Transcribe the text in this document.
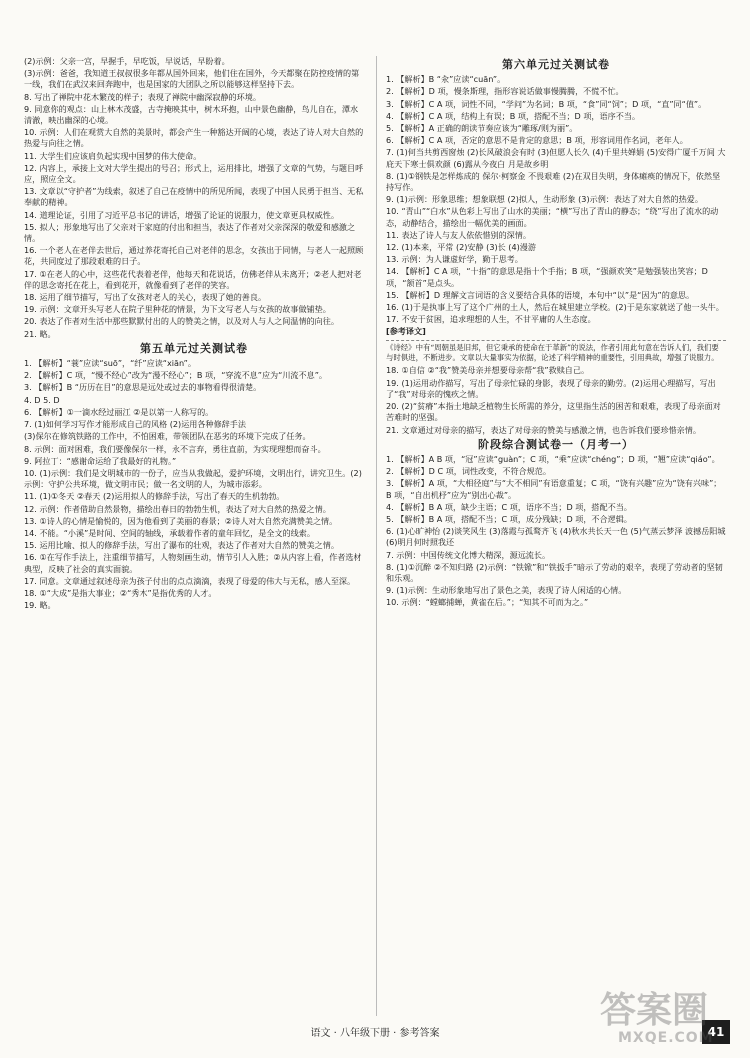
(2)示例：父亲一宫，早握手，早吃饭，早说话，早盼着。

(3)示例：爸爸，我知道王叔叔很多年都从国外回来，他们住在国外，今天都聚在防控疫情的第一线，我们在武汉来回奔跑中，也是国家的大团队之所以能够这样坚持下去。

8. 写出了禅院中花木繁茂的样子；表现了禅院中幽深寂静的环境。

9. 同意你的观点：山上林木茂盛，古寺掩映其中，树木环抱，山中景色幽静，鸟儿自在，潭水清澈，映出幽深的心境。

10. 示例：人们在观赏大自然的美景时，都会产生一种豁达开阔的心境，表达了诗人对大自然的热爱与向往之情。

11. 大学生们应该肩负起实现中国梦的伟大使命。

12. 内容上，承接上文对大学生提出的号召；形式上，运用排比，增强了文章的气势，与题目呼应，照应全文。

13. 文章以“守护者”为线索，叙述了自己在疫情中的所见所闻，表现了中国人民勇于担当、无私奉献的精神。

14. 道理论证，引用了习近平总书记的讲话，增强了论证的说服力，使文章更具权威性。

15. 拟人；形象地写出了父亲对于家庭的付出和担当，表达了作者对父亲深深的敬爱和感激之情。

16. 一个老人在老伴去世后，通过养花寄托自己对老伴的思念，女孩出于同情，与老人一起照顾花，共同度过了那段艰难的日子。

17. ①在老人的心中，这些花代表着老伴，他每天和花说话，仿佛老伴从未离开；②老人把对老伴的思念寄托在花上，看到花开，就像看到了老伴的笑容。

18. 运用了细节描写，写出了女孩对老人的关心，表现了她的善良。

19. 示例：文章开头写老人在院子里种花的情景，为下文写老人与女孩的故事做铺垫。

20. 表达了作者对生活中那些默默付出的人的赞美之情，以及对人与人之间温情的向往。

21. 略。

第五单元过关测试卷

1. 【解析】“蓑”应读“suō”，“纤”应读“xiān”。

2. 【解析】C 项，“慢不经心”改为“漫不经心”；B 项，“穿流不息”应为“川流不息”。

3. 【解析】B “历历在目”的意思是远处或过去的事物看得很清楚。

4. D 5. D

6. 【解析】①一滴水经过丽江 ②是以第一人称写的。

7. (1)如何学习写作才能形成自己的风格 (2)运用各种修辞手法

(3)保尔在修筑铁路的工作中，不怕困难，带领团队在恶劣的环境下完成了任务。

8. 示例：面对困难，我们要像保尔一样，永不言弃，勇往直前，为实现理想而奋斗。

9. 阿拉丁：“感谢命运给了我最好的礼物。”

10. (1)示例：我们是文明城市的一份子，应当从我做起，爱护环境，文明出行，讲究卫生。(2)示例：守护公共环境，做文明市民；做一名文明的人，为城市添彩。

11. (1)①冬天 ②春天 (2)运用拟人的修辞手法，写出了春天的生机勃勃。

12. 示例：作者借助自然景物，描绘出春日的勃勃生机，表达了对大自然的热爱之情。

13. ①诗人的心情是愉悦的，因为他看到了美丽的春景；②诗人对大自然充满赞美之情。

14. 不能。“小溪”是时间、空间的轴线，承载着作者的童年回忆，是全文的线索。

15. 运用比喻、拟人的修辞手法，写出了瀑布的壮观，表达了作者对大自然的赞美之情。

16. ①在写作手法上，注重细节描写，人物刻画生动，情节引人入胜；②从内容上看，作者选材典型，反映了社会的真实面貌。

17. 同意。文章通过叙述母亲为孩子付出的点点滴滴，表现了母爱的伟大与无私，感人至深。

18. ①“大成”是指大事业；②“秀木”是指优秀的人才。

19. 略。

第六单元过关测试卷

1. 【解析】B “汆”应读“cuān”。

2. 【解析】D 项，慢条斯理，指形容说话做事慢腾腾，不慌不忙。

3. 【解析】C A 项，词性不同，“学问”为名词；B 项，“食”同“饲”；D 项，“直”同“值”。

4. 【解析】C A 项，结构上有误；B 项，搭配不当；D 项，语序不当。

5. 【解析】A 正确的朗读节奏应该为“雕琢/则为丽”。

6. 【解析】C A 项，否定的意思不是肯定的意思；B 项，形容词用作名词，老年人。

7. (1)何当共剪西窗烛 (2)长风破浪会有时 (3)但愿人长久 (4)千里共婵娟 (5)安得广厦千万间 大庇天下寒士俱欢颜 (6)露从今夜白 月是故乡明

8. (1)①钢铁是怎样炼成的 保尔·柯察金 不畏艰难 (2)在双目失明，身体瘫痪的情况下，依然坚持写作。

9. (1)示例：形象思维；想象联想 (2)拟人，生动形象 (3)示例：表达了对大自然的热爱。

10. “青山”“白水”从色彩上写出了山水的美丽；“横”写出了青山的静态；“绕”写出了流水的动态，动静结合，描绘出一幅优美的画面。

11. 表达了诗人与友人依依惜别的深情。

12. (1)本来，平常 (2)安静 (3)长 (4)漫游

13. 示例：为人谦虚好学，勤于思考。

14. 【解析】C A 项，“十指”的意思是指十个手指；B 项，“强颜欢笑”是勉强装出笑容；D 项，“颔首”是点头。

15. 【解析】D 理解文言词语的含义要结合具体的语境，本句中“以”是“因为”的意思。

16. (1)于是执事上写了这个广州的土人，然后在城里建立学校。(2)于是东家就送了他一头牛。

17. 不安于贫困，追求理想的人生，不甘平庸的人生态度。

[参考译文]

《诗经》中有“周朝虽是旧邦，但它秉承的使命在于革新”的说法，作者引用此句意在告诉人们，我们要与时俱进，不断进步。文章以大量事实为依据，论述了科学精神的重要性，引用典故，增强了说服力。

18. ①自信 ②“我”赞美母亲并想要母亲帮“我”救赎自己。

19. (1)运用动作描写，写出了母亲忙碌的身影，表现了母亲的勤劳。(2)运用心理描写，写出了“我”对母亲的愧疚之情。

20. (2)“贫瘠”本指土地缺乏植物生长所需的养分，这里指生活的困苦和艰难，表现了母亲面对苦难时的坚强。

21. 文章通过对母亲的描写，表达了对母亲的赞美与感激之情，也告诉我们要珍惜亲情。

阶段综合测试卷一（月考一）

1. 【解析】A B 项，“冠”应读“guàn”；C 项，“乘”应读“chéng”；D 项，“翘”应读“qiáo”。

2. 【解析】D C 项，词性改变，不符合规范。

3. 【解析】A 项，“大相径庭”与“大不相同”有语意重复；C 项，“饶有兴趣”应为“饶有兴味”；B 项，“自出机杼”应为“别出心裁”。

4. 【解析】B A 项，缺少主语；C 项，语序不当；D 项，搭配不当。

5. 【解析】B A 项，搭配不当；C 项，成分残缺；D 项，不合逻辑。

6. (1)心旷神怡 (2)谈笑风生 (3)落霞与孤鹜齐飞 (4)秋水共长天一色 (5)气蒸云梦泽 波撼岳阳城 (6)明月何时照我还

7. 示例：中国传统文化博大精深，源远流长。

8. (1)①沉醉 ②不知归路 (2)示例：“铁锨”和“铁扳手”暗示了劳动的艰辛，表现了劳动者的坚韧和乐观。

9. (1)示例：生动形象地写出了景色之美，表现了诗人闲适的心情。

10. 示例：“螳螂捕蝉，黄雀在后。”；“知其不可而为之。”

语文 · 八年级下册 · 参考答案	41
答案圈
MXQE.COM
